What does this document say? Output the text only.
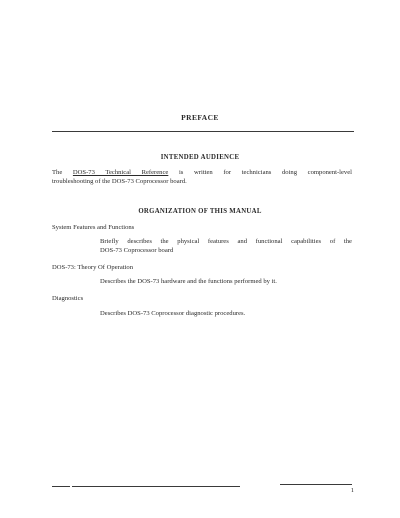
PREFACE
INTENDED AUDIENCE
The DOS-73 Technical Reference is written for technicians doing component-level
troubleshooting of the DOS-73 Coprocessor board.
ORGANIZATION OF THIS MANUAL
System Features and Functions
Briefly describes the physical features and functional capabilities of the
DOS-73 Coprocessor board
DOS-73: Theory Of Operation
Describes the DOS-73 hardware and the functions performed by it.
Diagnostics
Describes DOS-73 Coprocessor diagnostic procedures.
1
